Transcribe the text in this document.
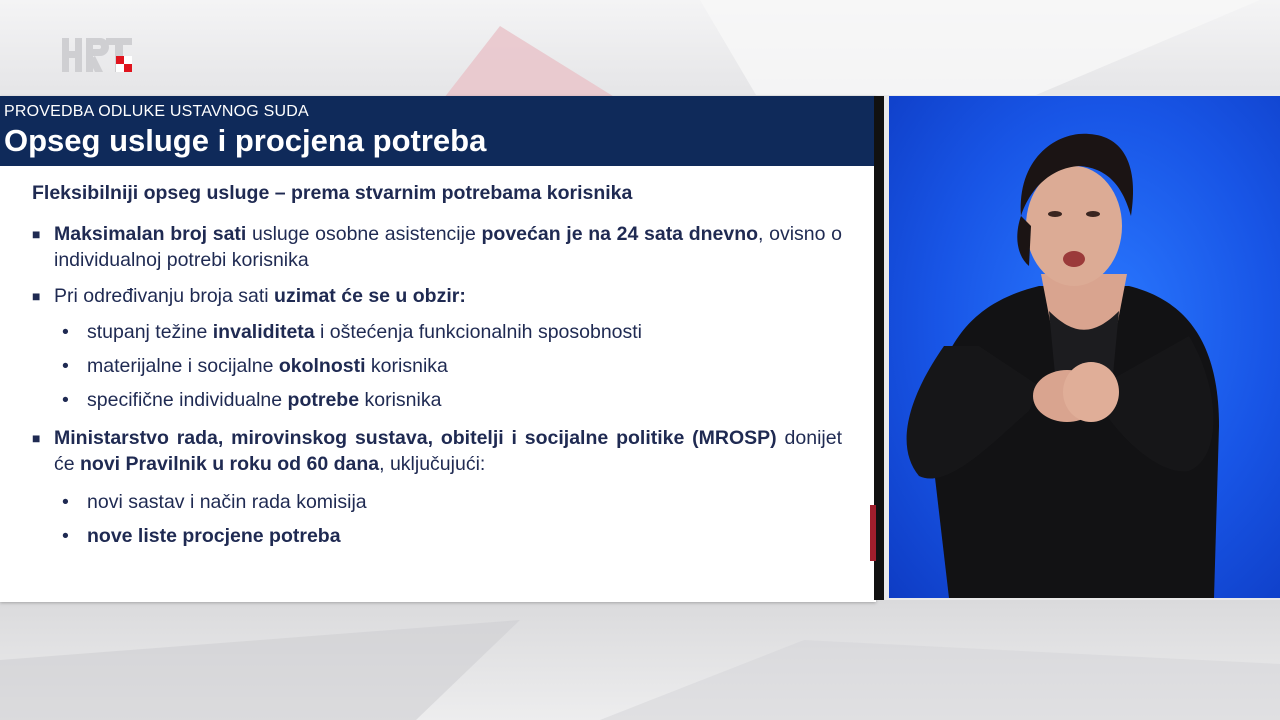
PROVEDBA ODLUKE USTAVNOG SUDA
Opseg usluge i procjena potreba
Fleksibilniji opseg usluge – prema stvarnim potrebama korisnika
■ Maksimalan broj sati usluge osobne asistencije povećan je na 24 sata dnevno, ovisno o individualnoj potrebi korisnika
■ Pri određivanju broja sati uzimat će se u obzir:
• stupanj težine invaliditeta i oštećenja funkcionalnih sposobnosti
• materijalne i socijalne okolnosti korisnika
• specifične individualne potrebe korisnika
■ Ministarstvo rada, mirovinskog sustava, obitelji i socijalne politike (MROSP) donijet će novi Pravilnik u roku od 60 dana, uključujući:
• novi sastav i način rada komisija
• nove liste procjene potreba
